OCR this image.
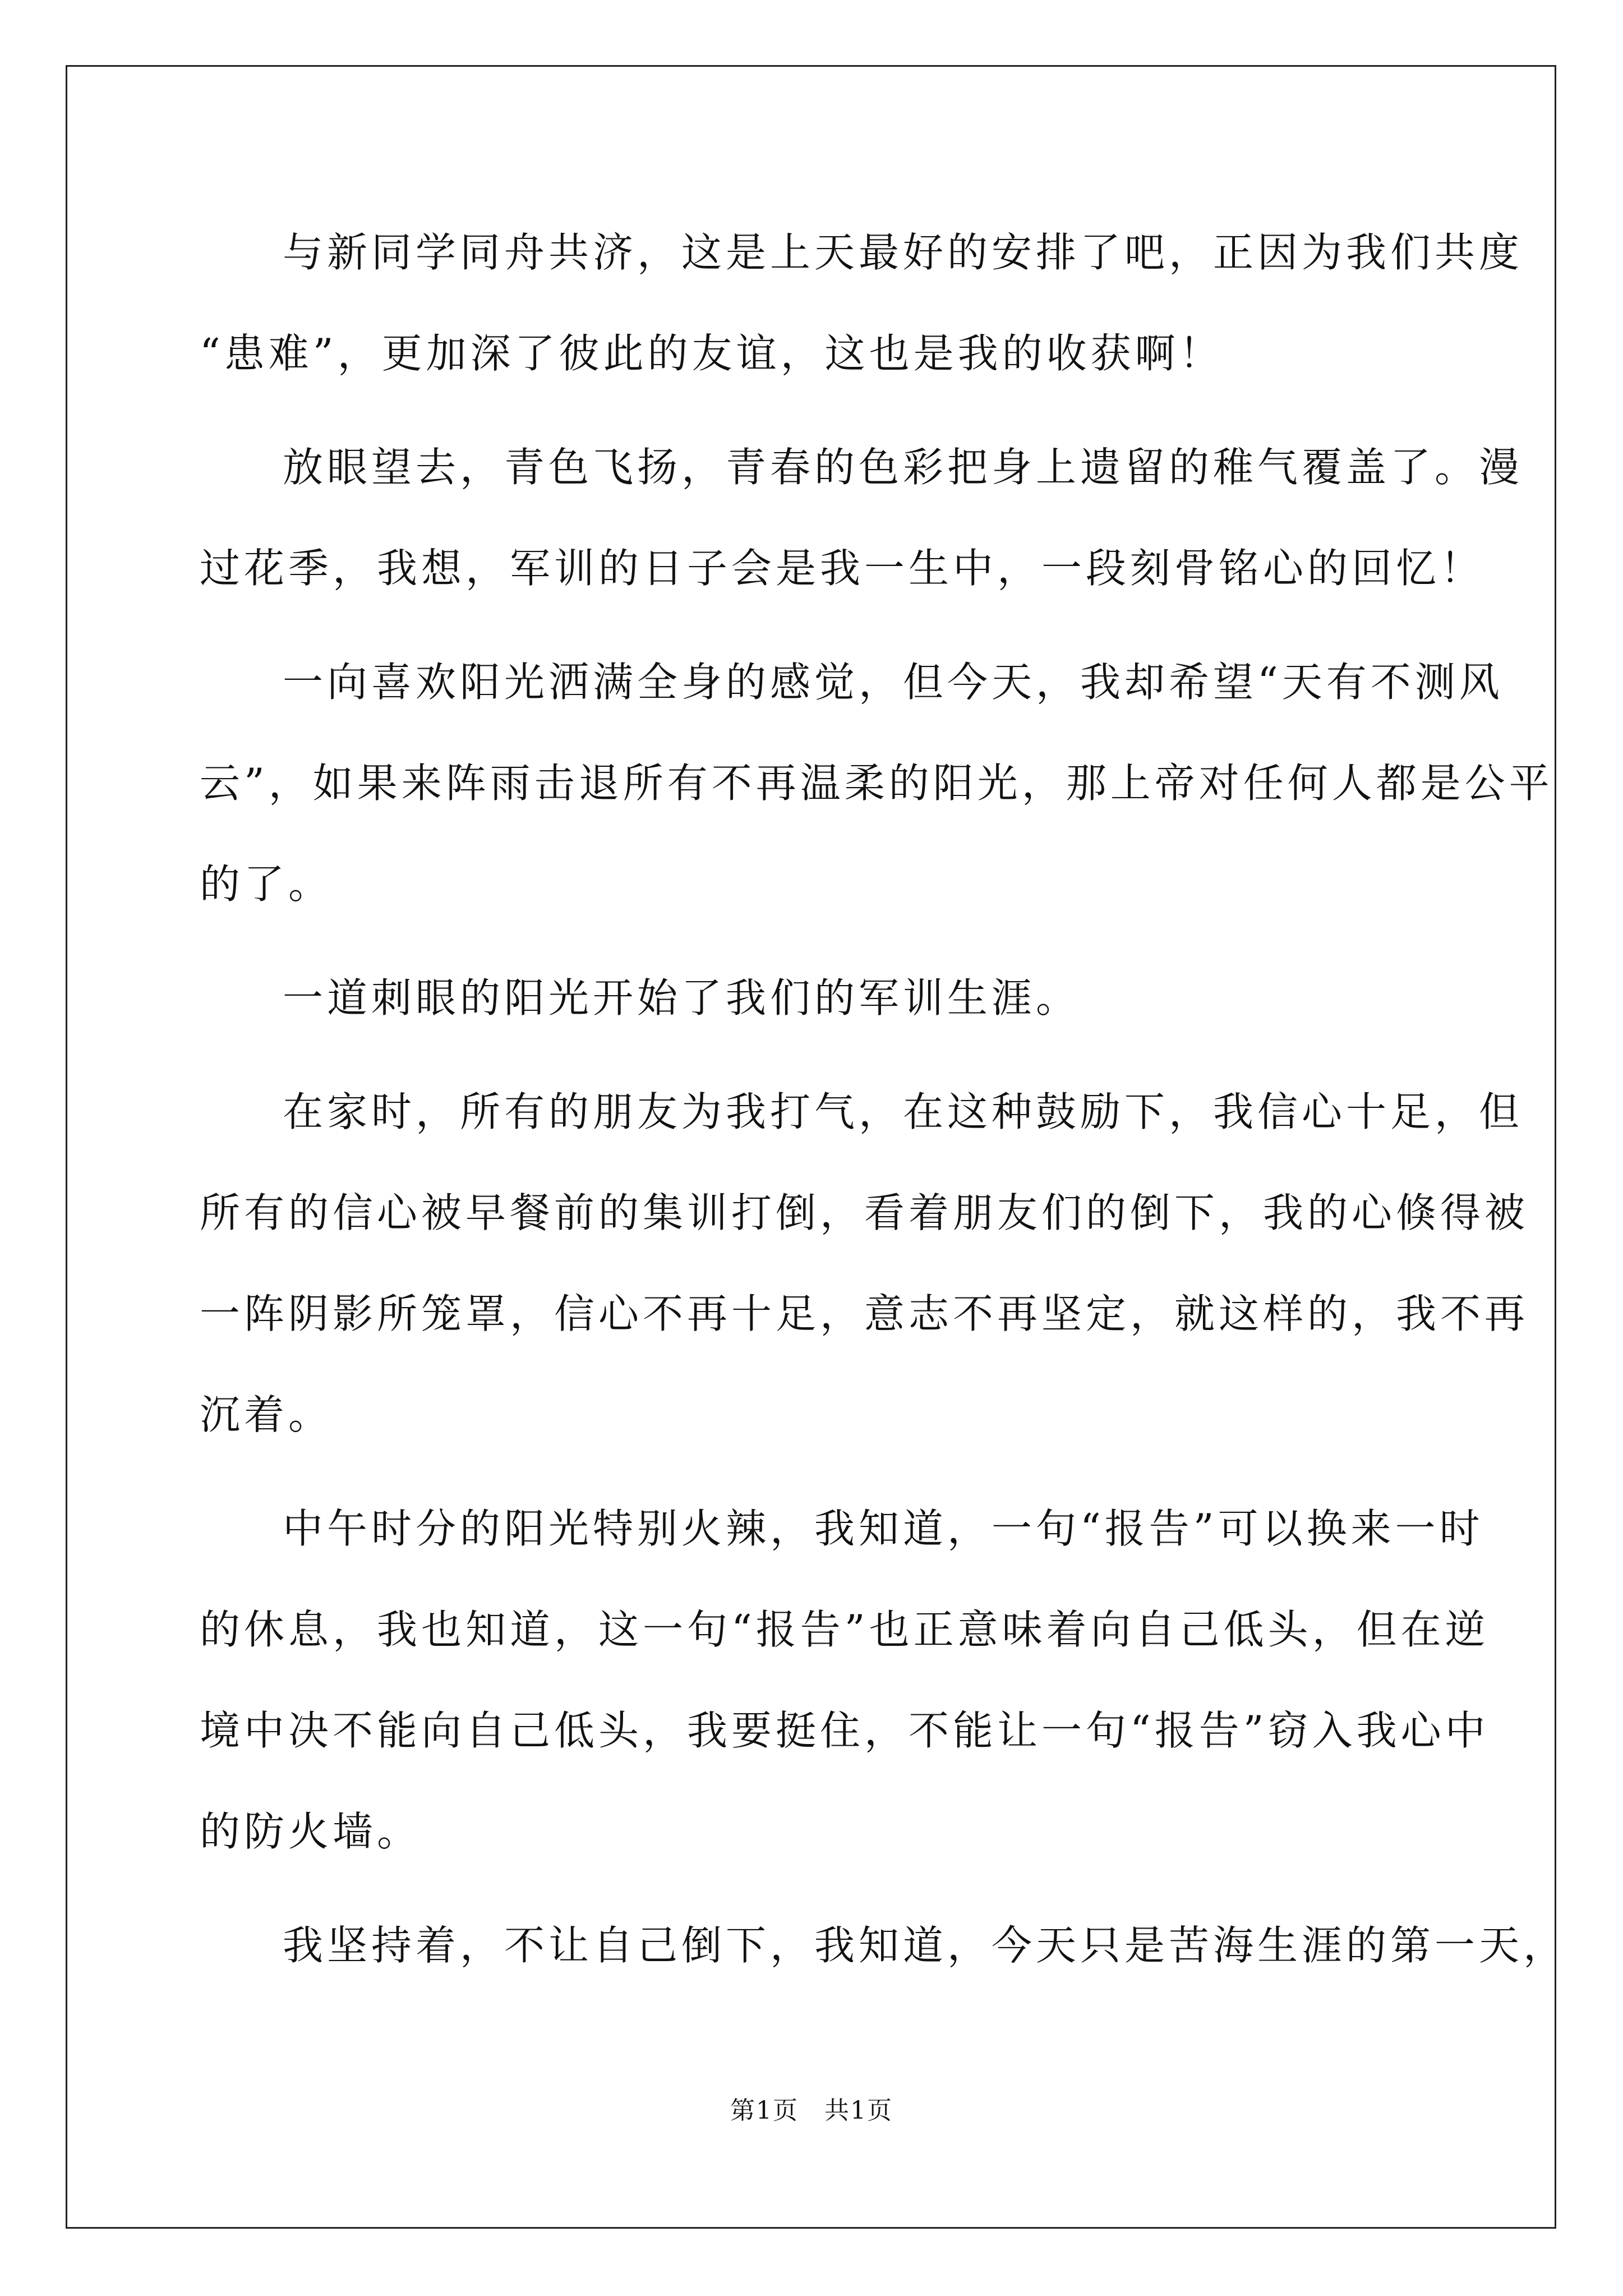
与新同学同舟共济，这是上天最好的安排了吧，正因为我们共度
“患难”，更加深了彼此的友谊，这也是我的收获啊！
放眼望去，青色飞扬，青春的色彩把身上遗留的稚气覆盖了。漫
过花季，我想，军训的日子会是我一生中，一段刻骨铭心的回忆！
一向喜欢阳光洒满全身的感觉，但今天，我却希望“天有不测风
云”，如果来阵雨击退所有不再温柔的阳光，那上帝对任何人都是公平
的了。
一道刺眼的阳光开始了我们的军训生涯。
在家时，所有的朋友为我打气，在这种鼓励下，我信心十足，但
所有的信心被早餐前的集训打倒，看着朋友们的倒下，我的心倏得被
一阵阴影所笼罩，信心不再十足，意志不再坚定，就这样的，我不再
沉着。
中午时分的阳光特别火辣，我知道，一句“报告”可以换来一时
的休息，我也知道，这一句“报告”也正意味着向自己低头，但在逆
境中决不能向自己低头，我要挺住，不能让一句“报告”窃入我心中
的防火墙。
我坚持着，不让自己倒下，我知道，今天只是苦海生涯的第一天，
第1页　共1页
